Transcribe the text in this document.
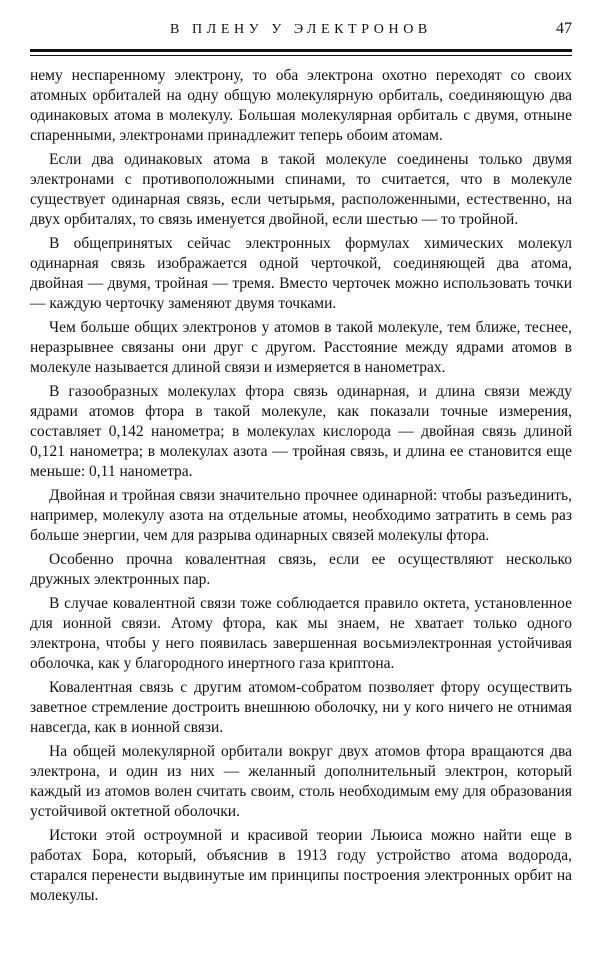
В ПЛЕНУ У ЭЛЕКТРОНОВ	47

нему неспаренному электрону, то оба электрона охотно переходят со своих атомных орбиталей на одну общую молекулярную орбиталь, соединяющую два одинаковых атома в молекулу. Большая молекулярная орбиталь с двумя, отныне спаренными, электронами принадлежит теперь обоим атомам.

Если два одинаковых атома в такой молекуле соединены только двумя электронами с противоположными спинами, то считается, что в молекуле существует одинарная связь, если четырьмя, расположенными, естественно, на двух орбиталях, то связь именуется двойной, если шестью — то тройной.

В общепринятых сейчас электронных формулах химических молекул одинарная связь изображается одной черточкой, соединяющей два атома, двойная — двумя, тройная — тремя. Вместо черточек можно использовать точки — каждую черточку заменяют двумя точками.

Чем больше общих электронов у атомов в такой молекуле, тем ближе, теснее, неразрывнее связаны они друг с другом. Расстояние между ядрами атомов в молекуле называется длиной связи и измеряется в нанометрах.

В газообразных молекулах фтора связь одинарная, и длина связи между ядрами атомов фтора в такой молекуле, как показали точные измерения, составляет 0,142 нанометра; в молекулах кислорода — двойная связь длиной 0,121 нанометра; в молекулах азота — тройная связь, и длина ее становится еще меньше: 0,11 нанометра.

Двойная и тройная связи значительно прочнее одинарной: чтобы разъединить, например, молекулу азота на отдельные атомы, необходимо затратить в семь раз больше энергии, чем для разрыва одинарных связей молекулы фтора.

Особенно прочна ковалентная связь, если ее осуществляют несколько дружных электронных пар.

В случае ковалентной связи тоже соблюдается правило октета, установленное для ионной связи. Атому фтора, как мы знаем, не хватает только одного электрона, чтобы у него появилась завершенная восьмиэлектронная устойчивая оболочка, как у благородного инертного газа криптона.

Ковалентная связь с другим атомом-собратом позволяет фтору осуществить заветное стремление достроить внешнюю оболочку, ни у кого ничего не отнимая навсегда, как в ионной связи.

На общей молекулярной орбитали вокруг двух атомов фтора вращаются два электрона, и один из них — желанный дополнительный электрон, который каждый из атомов волен считать своим, столь необходимым ему для образования устойчивой октетной оболочки.

Истоки этой остроумной и красивой теории Льюиса можно найти еще в работах Бора, который, объяснив в 1913 году устройство атома водорода, старался перенести выдвинутые им принципы построения электронных орбит на молекулы.
